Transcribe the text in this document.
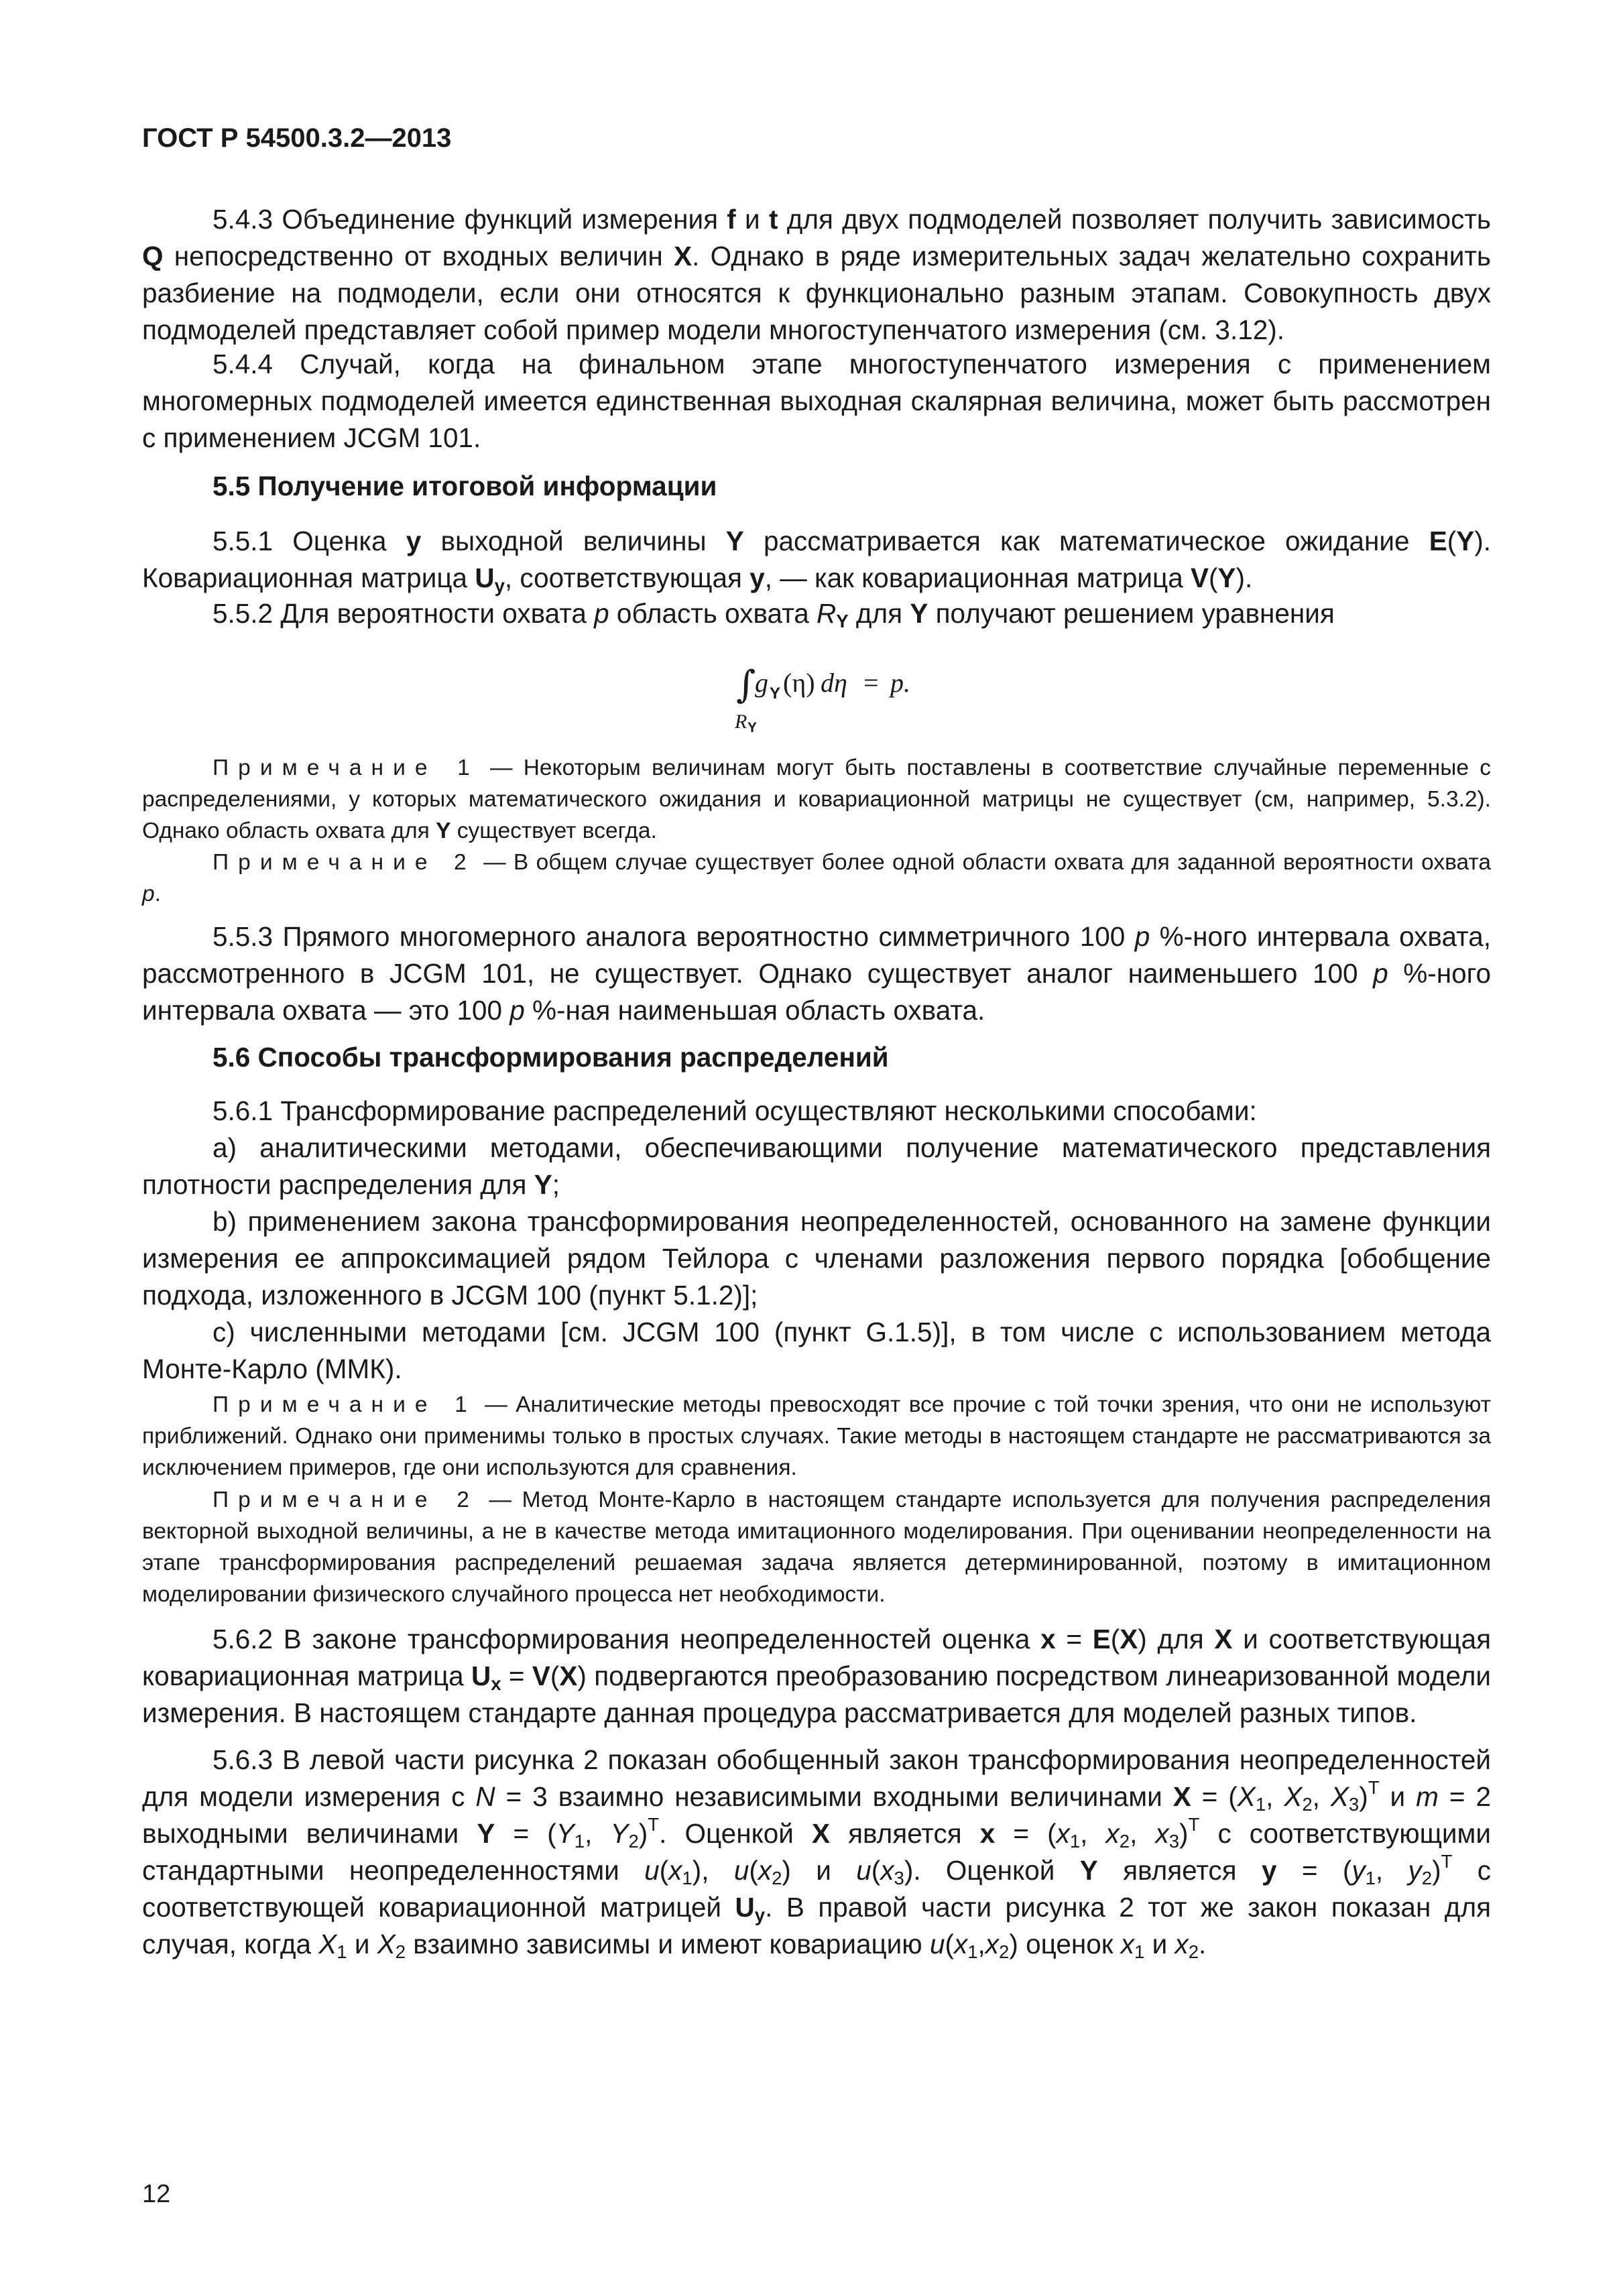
ГОСТ Р 54500.3.2—2013

5.4.3 Объединение функций измерения f и t для двух подмоделей позволяет получить зависимость Q непосредственно от входных величин X. Однако в ряде измерительных задач желательно сохранить разбиение на подмодели, если они относятся к функционально разным этапам. Совокупность двух подмоделей представляет собой пример модели многоступенчатого измерения (см. 3.12).

5.4.4 Случай, когда на финальном этапе многоступенчатого измерения с применением многомерных подмоделей имеется единственная выходная скалярная величина, может быть рассмотрен с применением JCGM 101.

5.5 Получение итоговой информации

5.5.1 Оценка y выходной величины Y рассматривается как математическое ожидание E(Y). Ковариационная матрица $U_y$, соответствующая y, — как ковариационная матрица V(Y).

5.5.2 Для вероятности охвата p область охвата $R_Y$ для Y получают решением уравнения

∫
R Y
g Y (η) dη = p.

Примечание 1 — Некоторым величинам могут быть поставлены в соответствие случайные переменные с распределениями, у которых математического ожидания и ковариационной матрицы не существует (см, например, 5.3.2). Однако область охвата для Y существует всегда.

Примечание 2 — В общем случае существует более одной области охвата для заданной вероятности охвата p.

5.5.3 Прямого многомерного аналога вероятностно симметричного 100 p %-ного интервала охвата, рассмотренного в JCGM 101, не существует. Однако существует аналог наименьшего 100 p %-ного интервала охвата — это 100 p %-ная наименьшая область охвата.

5.6 Способы трансформирования распределений

5.6.1 Трансформирование распределений осуществляют несколькими способами:

а) аналитическими методами, обеспечивающими получение математического представления плотности распределения для Y;

b) применением закона трансформирования неопределенностей, основанного на замене функции измерения ее аппроксимацией рядом Тейлора с членами разложения первого порядка [обобщение подхода, изложенного в JCGM 100 (пункт 5.1.2)];

с) численными методами [см. JCGM 100 (пункт G.1.5)], в том числе с использованием метода Монте-Карло (ММК).

Примечание 1 — Аналитические методы превосходят все прочие с той точки зрения, что они не используют приближений. Однако они применимы только в простых случаях. Такие методы в настоящем стандарте не рассматриваются за исключением примеров, где они используются для сравнения.

Примечание 2 — Метод Монте-Карло в настоящем стандарте используется для получения распределения векторной выходной величины, а не в качестве метода имитационного моделирования. При оценивании неопределенности на этапе трансформирования распределений решаемая задача является детерминированной, поэтому в имитационном моделировании физического случайного процесса нет необходимости.

5.6.2 В законе трансформирования неопределенностей оценка x = E(X) для X и соответствующая ковариационная матрица $U_x = V(X)$ подвергаются преобразованию посредством линеаризованной модели измерения. В настоящем стандарте данная процедура рассматривается для моделей разных типов.

5.6.3 В левой части рисунка 2 показан обобщенный закон трансформирования неопределенностей для модели измерения с N = 3 взаимно независимыми входными величинами $X = (X_1$, $X_2$, $X_3)^T$ и m = 2 выходными величинами $Y = (Y_1$, $Y_2)^T$. Оценкой X является $x = (x_1$, $x_2$, $x_3)^T$ с соответствующими стандартными неопределенностями $u(x_1)$, $u(x_2)$ и $u(x_3)$. Оценкой Y является $y = (y_1$, $y_2)^T$ с соответствующей ковариационной матрицей $U_y$. В правой части рисунка 2 тот же закон показан для случая, когда $X_1$ и $X_2$ взаимно зависимы и имеют ковариацию $u(x_1,x_2)$ оценок $x_1$ и $x_2$.

12
